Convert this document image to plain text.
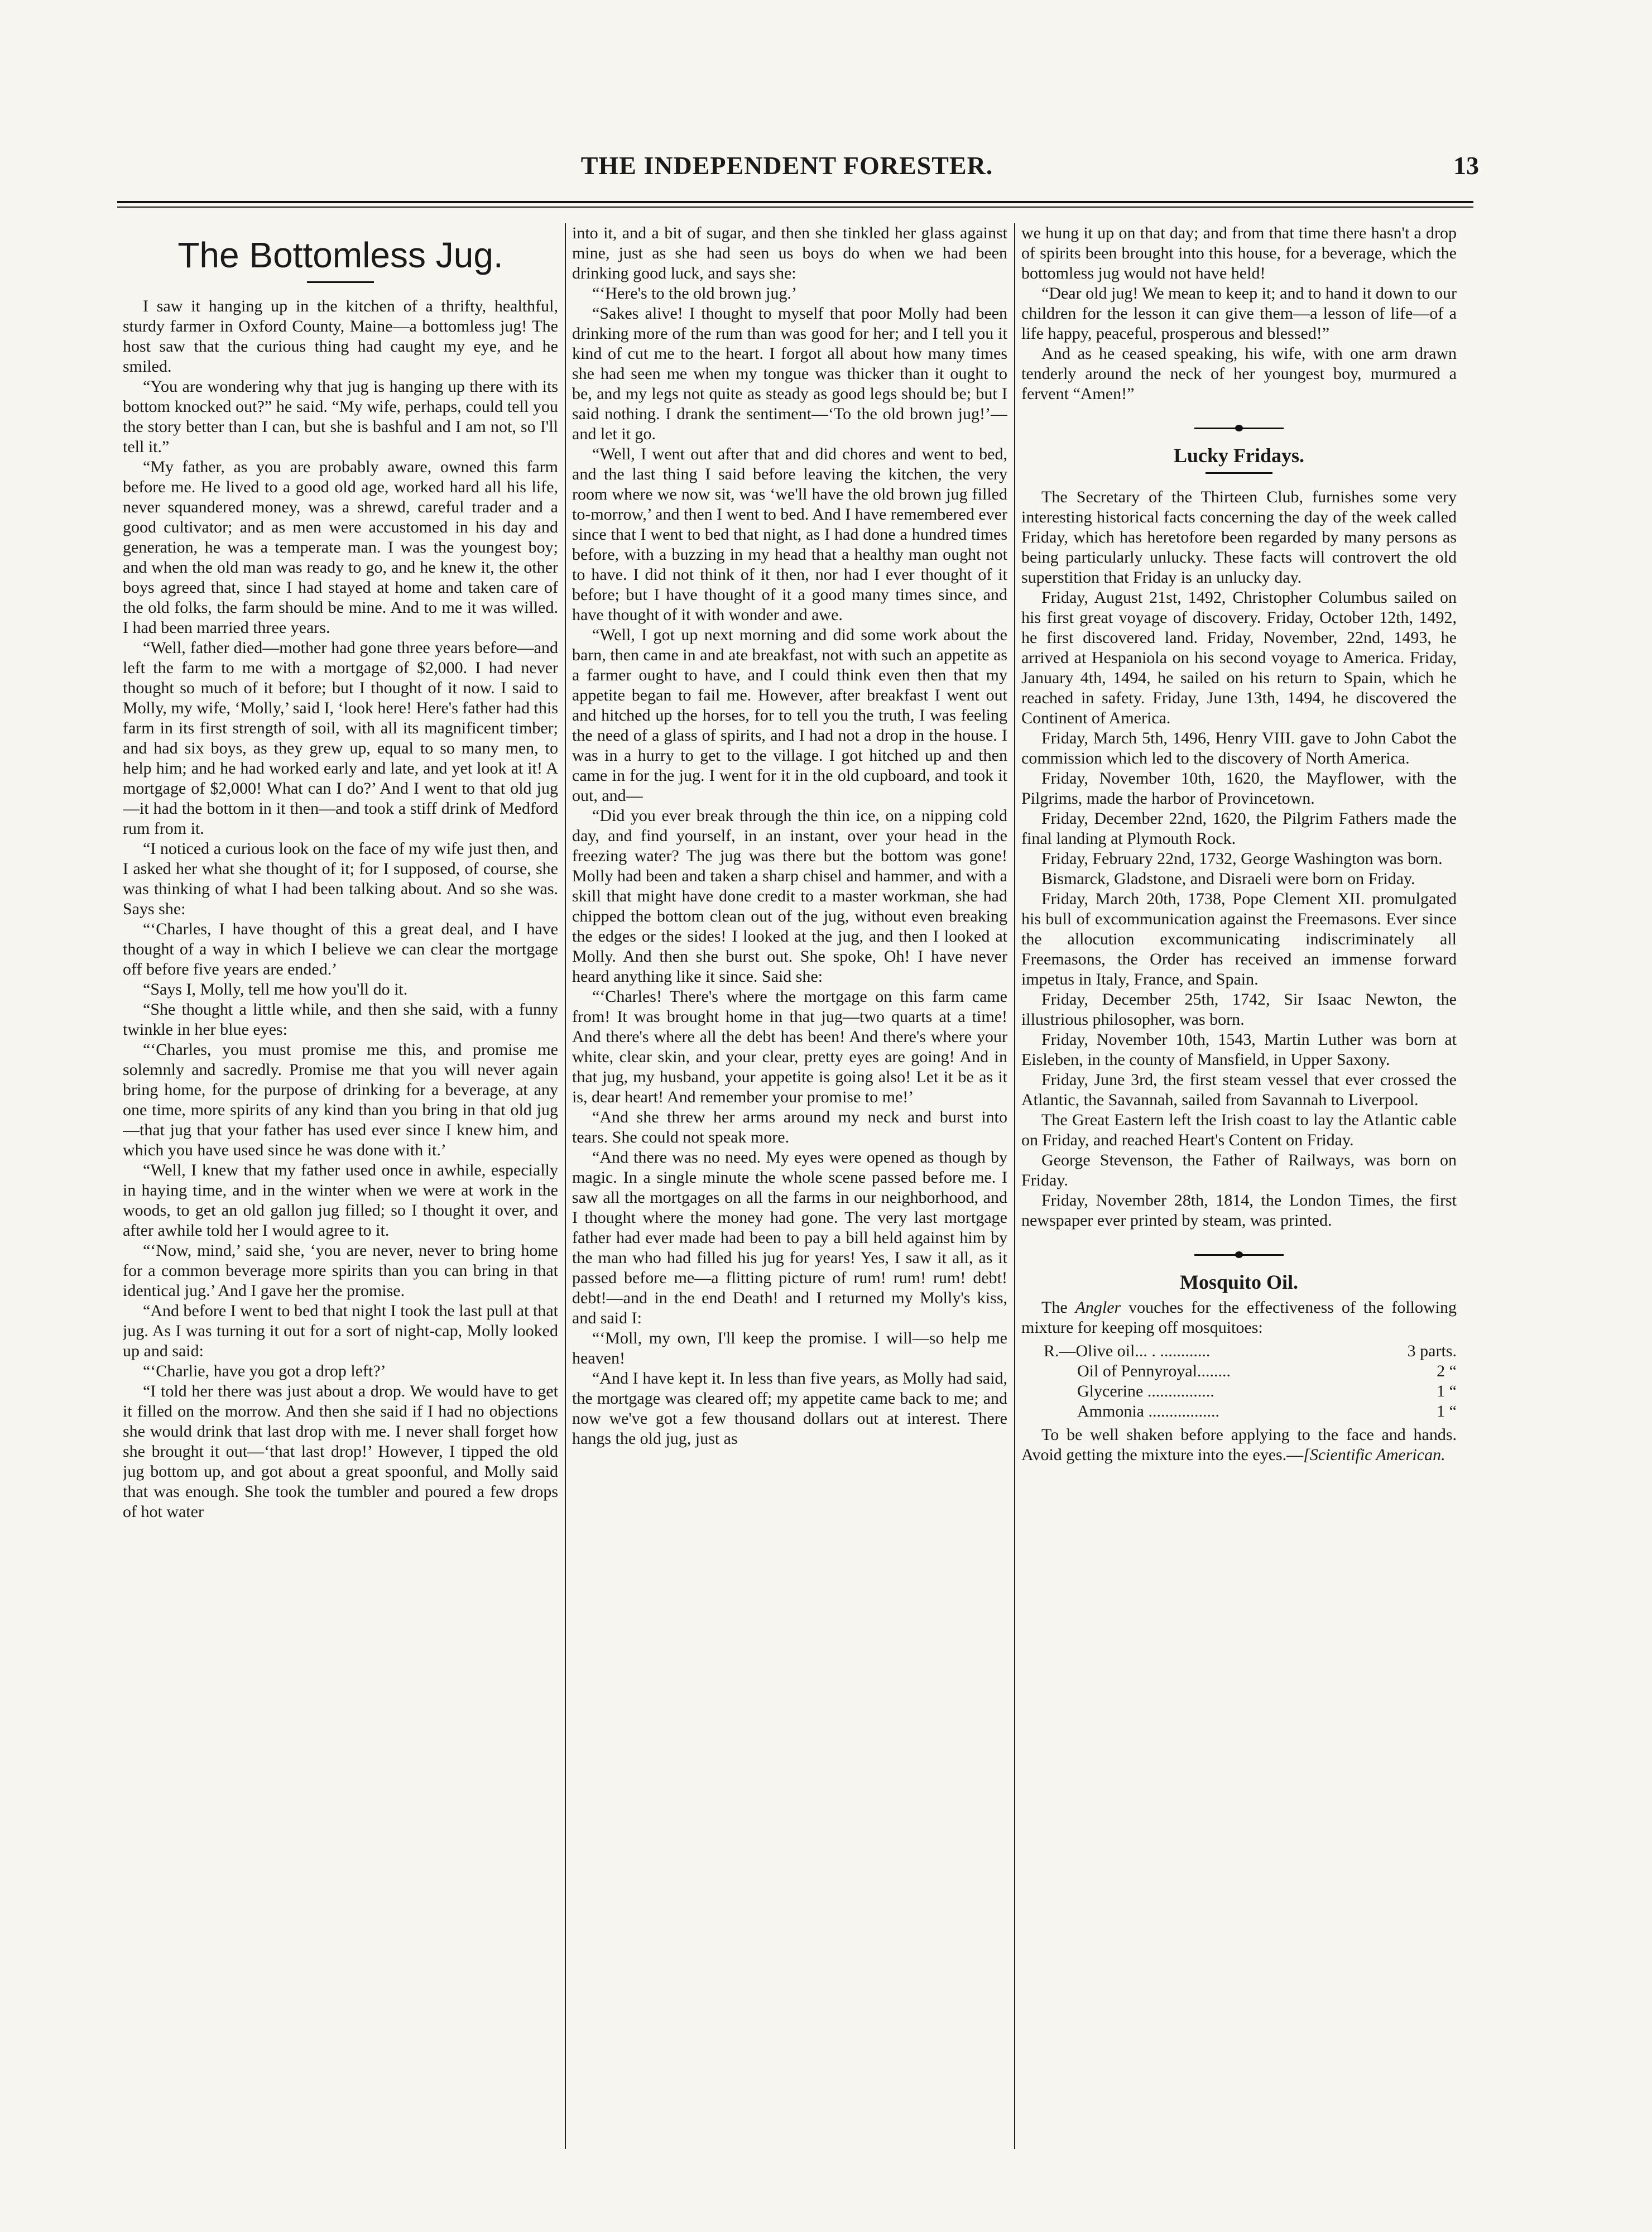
THE INDEPENDENT FORESTER.	13
The Bottomless Jug.

I saw it hanging up in the kitchen of a thrifty, healthful, sturdy farmer in Oxford County, Maine—a bottomless jug! The host saw that the curious thing had caught my eye, and he smiled.

“You are wondering why that jug is hanging up there with its bottom knocked out?” he said. “My wife, perhaps, could tell you the story better than I can, but she is bashful and I am not, so I'll tell it.”

“My father, as you are probably aware, owned this farm before me. He lived to a good old age, worked hard all his life, never squandered money, was a shrewd, careful trader and a good cultivator; and as men were accustomed in his day and generation, he was a temperate man. I was the youngest boy; and when the old man was ready to go, and he knew it, the other boys agreed that, since I had stayed at home and taken care of the old folks, the farm should be mine. And to me it was willed. I had been married three years.

“Well, father died—mother had gone three years before—and left the farm to me with a mortgage of $2,000. I had never thought so much of it before; but I thought of it now. I said to Molly, my wife, ‘Molly,’ said I, ‘look here! Here's father had this farm in its first strength of soil, with all its magnificent timber; and had six boys, as they grew up, equal to so many men, to help him; and he had worked early and late, and yet look at it! A mortgage of $2,000! What can I do?’ And I went to that old jug—it had the bottom in it then—and took a stiff drink of Medford rum from it.

“I noticed a curious look on the face of my wife just then, and I asked her what she thought of it; for I supposed, of course, she was thinking of what I had been talking about. And so she was. Says she:

“‘Charles, I have thought of this a great deal, and I have thought of a way in which I believe we can clear the mortgage off before five years are ended.’

“Says I, Molly, tell me how you'll do it.

“She thought a little while, and then she said, with a funny twinkle in her blue eyes:

“‘Charles, you must promise me this, and promise me solemnly and sacredly. Promise me that you will never again bring home, for the purpose of drinking for a beverage, at any one time, more spirits of any kind than you bring in that old jug—that jug that your father has used ever since I knew him, and which you have used since he was done with it.’

“Well, I knew that my father used once in awhile, especially in haying time, and in the winter when we were at work in the woods, to get an old gallon jug filled; so I thought it over, and after awhile told her I would agree to it.

“‘Now, mind,’ said she, ‘you are never, never to bring home for a common beverage more spirits than you can bring in that identical jug.’ And I gave her the promise.

“And before I went to bed that night I took the last pull at that jug. As I was turning it out for a sort of night-cap, Molly looked up and said:

“‘Charlie, have you got a drop left?’

“I told her there was just about a drop. We would have to get it filled on the morrow. And then she said if I had no objections she would drink that last drop with me. I never shall forget how she brought it out—‘that last drop!’ However, I tipped the old jug bottom up, and got about a great spoonful, and Molly said that was enough. She took the tumbler and poured a few drops of hot water

into it, and a bit of sugar, and then she tinkled her glass against mine, just as she had seen us boys do when we had been drinking good luck, and says she:

“‘Here's to the old brown jug.’

“Sakes alive! I thought to myself that poor Molly had been drinking more of the rum than was good for her; and I tell you it kind of cut me to the heart. I forgot all about how many times she had seen me when my tongue was thicker than it ought to be, and my legs not quite as steady as good legs should be; but I said nothing. I drank the sentiment—‘To the old brown jug!’—and let it go.

“Well, I went out after that and did chores and went to bed, and the last thing I said before leaving the kitchen, the very room where we now sit, was ‘we'll have the old brown jug filled to-morrow,’ and then I went to bed. And I have remembered ever since that I went to bed that night, as I had done a hundred times before, with a buzzing in my head that a healthy man ought not to have. I did not think of it then, nor had I ever thought of it before; but I have thought of it a good many times since, and have thought of it with wonder and awe.

“Well, I got up next morning and did some work about the barn, then came in and ate breakfast, not with such an appetite as a farmer ought to have, and I could think even then that my appetite began to fail me. However, after breakfast I went out and hitched up the horses, for to tell you the truth, I was feeling the need of a glass of spirits, and I had not a drop in the house. I was in a hurry to get to the village. I got hitched up and then came in for the jug. I went for it in the old cupboard, and took it out, and—

“Did you ever break through the thin ice, on a nipping cold day, and find yourself, in an instant, over your head in the freezing water? The jug was there but the bottom was gone! Molly had been and taken a sharp chisel and hammer, and with a skill that might have done credit to a master workman, she had chipped the bottom clean out of the jug, without even breaking the edges or the sides! I looked at the jug, and then I looked at Molly. And then she burst out. She spoke, Oh! I have never heard anything like it since. Said she:

“‘Charles! There's where the mortgage on this farm came from! It was brought home in that jug—two quarts at a time! And there's where all the debt has been! And there's where your white, clear skin, and your clear, pretty eyes are going! And in that jug, my husband, your appetite is going also! Let it be as it is, dear heart! And remember your promise to me!’

“And she threw her arms around my neck and burst into tears. She could not speak more.

“And there was no need. My eyes were opened as though by magic. In a single minute the whole scene passed before me. I saw all the mortgages on all the farms in our neighborhood, and I thought where the money had gone. The very last mortgage father had ever made had been to pay a bill held against him by the man who had filled his jug for years! Yes, I saw it all, as it passed before me—a flitting picture of rum! rum! rum! debt! debt!—and in the end Death! and I returned my Molly's kiss, and said I:

“‘Moll, my own, I'll keep the promise. I will—so help me heaven!

“And I have kept it. In less than five years, as Molly had said, the mortgage was cleared off; my appetite came back to me; and now we've got a few thousand dollars out at interest. There hangs the old jug, just as

we hung it up on that day; and from that time there hasn't a drop of spirits been brought into this house, for a beverage, which the bottomless jug would not have held!

“Dear old jug! We mean to keep it; and to hand it down to our children for the lesson it can give them—a lesson of life—of a life happy, peaceful, prosperous and blessed!”

And as he ceased speaking, his wife, with one arm drawn tenderly around the neck of her youngest boy, murmured a fervent “Amen!”

Lucky Fridays.

The Secretary of the Thirteen Club, furnishes some very interesting historical facts concerning the day of the week called Friday, which has heretofore been regarded by many persons as being particularly unlucky. These facts will controvert the old superstition that Friday is an unlucky day.

Friday, August 21st, 1492, Christopher Columbus sailed on his first great voyage of discovery. Friday, October 12th, 1492, he first discovered land. Friday, November, 22nd, 1493, he arrived at Hespaniola on his second voyage to America. Friday, January 4th, 1494, he sailed on his return to Spain, which he reached in safety. Friday, June 13th, 1494, he discovered the Continent of America.

Friday, March 5th, 1496, Henry VIII. gave to John Cabot the commission which led to the discovery of North America.

Friday, November 10th, 1620, the Mayflower, with the Pilgrims, made the harbor of Provincetown.

Friday, December 22nd, 1620, the Pilgrim Fathers made the final landing at Plymouth Rock.

Friday, February 22nd, 1732, George Washington was born.

Bismarck, Gladstone, and Disraeli were born on Friday.

Friday, March 20th, 1738, Pope Clement XII. promulgated his bull of excommunication against the Freemasons. Ever since the allocution excommunicating indiscriminately all Freemasons, the Order has received an immense forward impetus in Italy, France, and Spain.

Friday, December 25th, 1742, Sir Isaac Newton, the illustrious philosopher, was born.

Friday, November 10th, 1543, Martin Luther was born at Eisleben, in the county of Mansfield, in Upper Saxony.

Friday, June 3rd, the first steam vessel that ever crossed the Atlantic, the Savannah, sailed from Savannah to Liverpool.

The Great Eastern left the Irish coast to lay the Atlantic cable on Friday, and reached Heart's Content on Friday.

George Stevenson, the Father of Railways, was born on Friday.

Friday, November 28th, 1814, the London Times, the first newspaper ever printed by steam, was printed.

Mosquito Oil.

The Angler vouches for the effectiveness of the following mixture for keeping off mosquitoes:

R.—Olive oil... . ............	3 parts.
Oil of Pennyroyal........	2 “
Glycerine ................	1 “
Ammonia .................	1 “

To be well shaken before applying to the face and hands. Avoid getting the mixture into the eyes.—[Scientific American.
